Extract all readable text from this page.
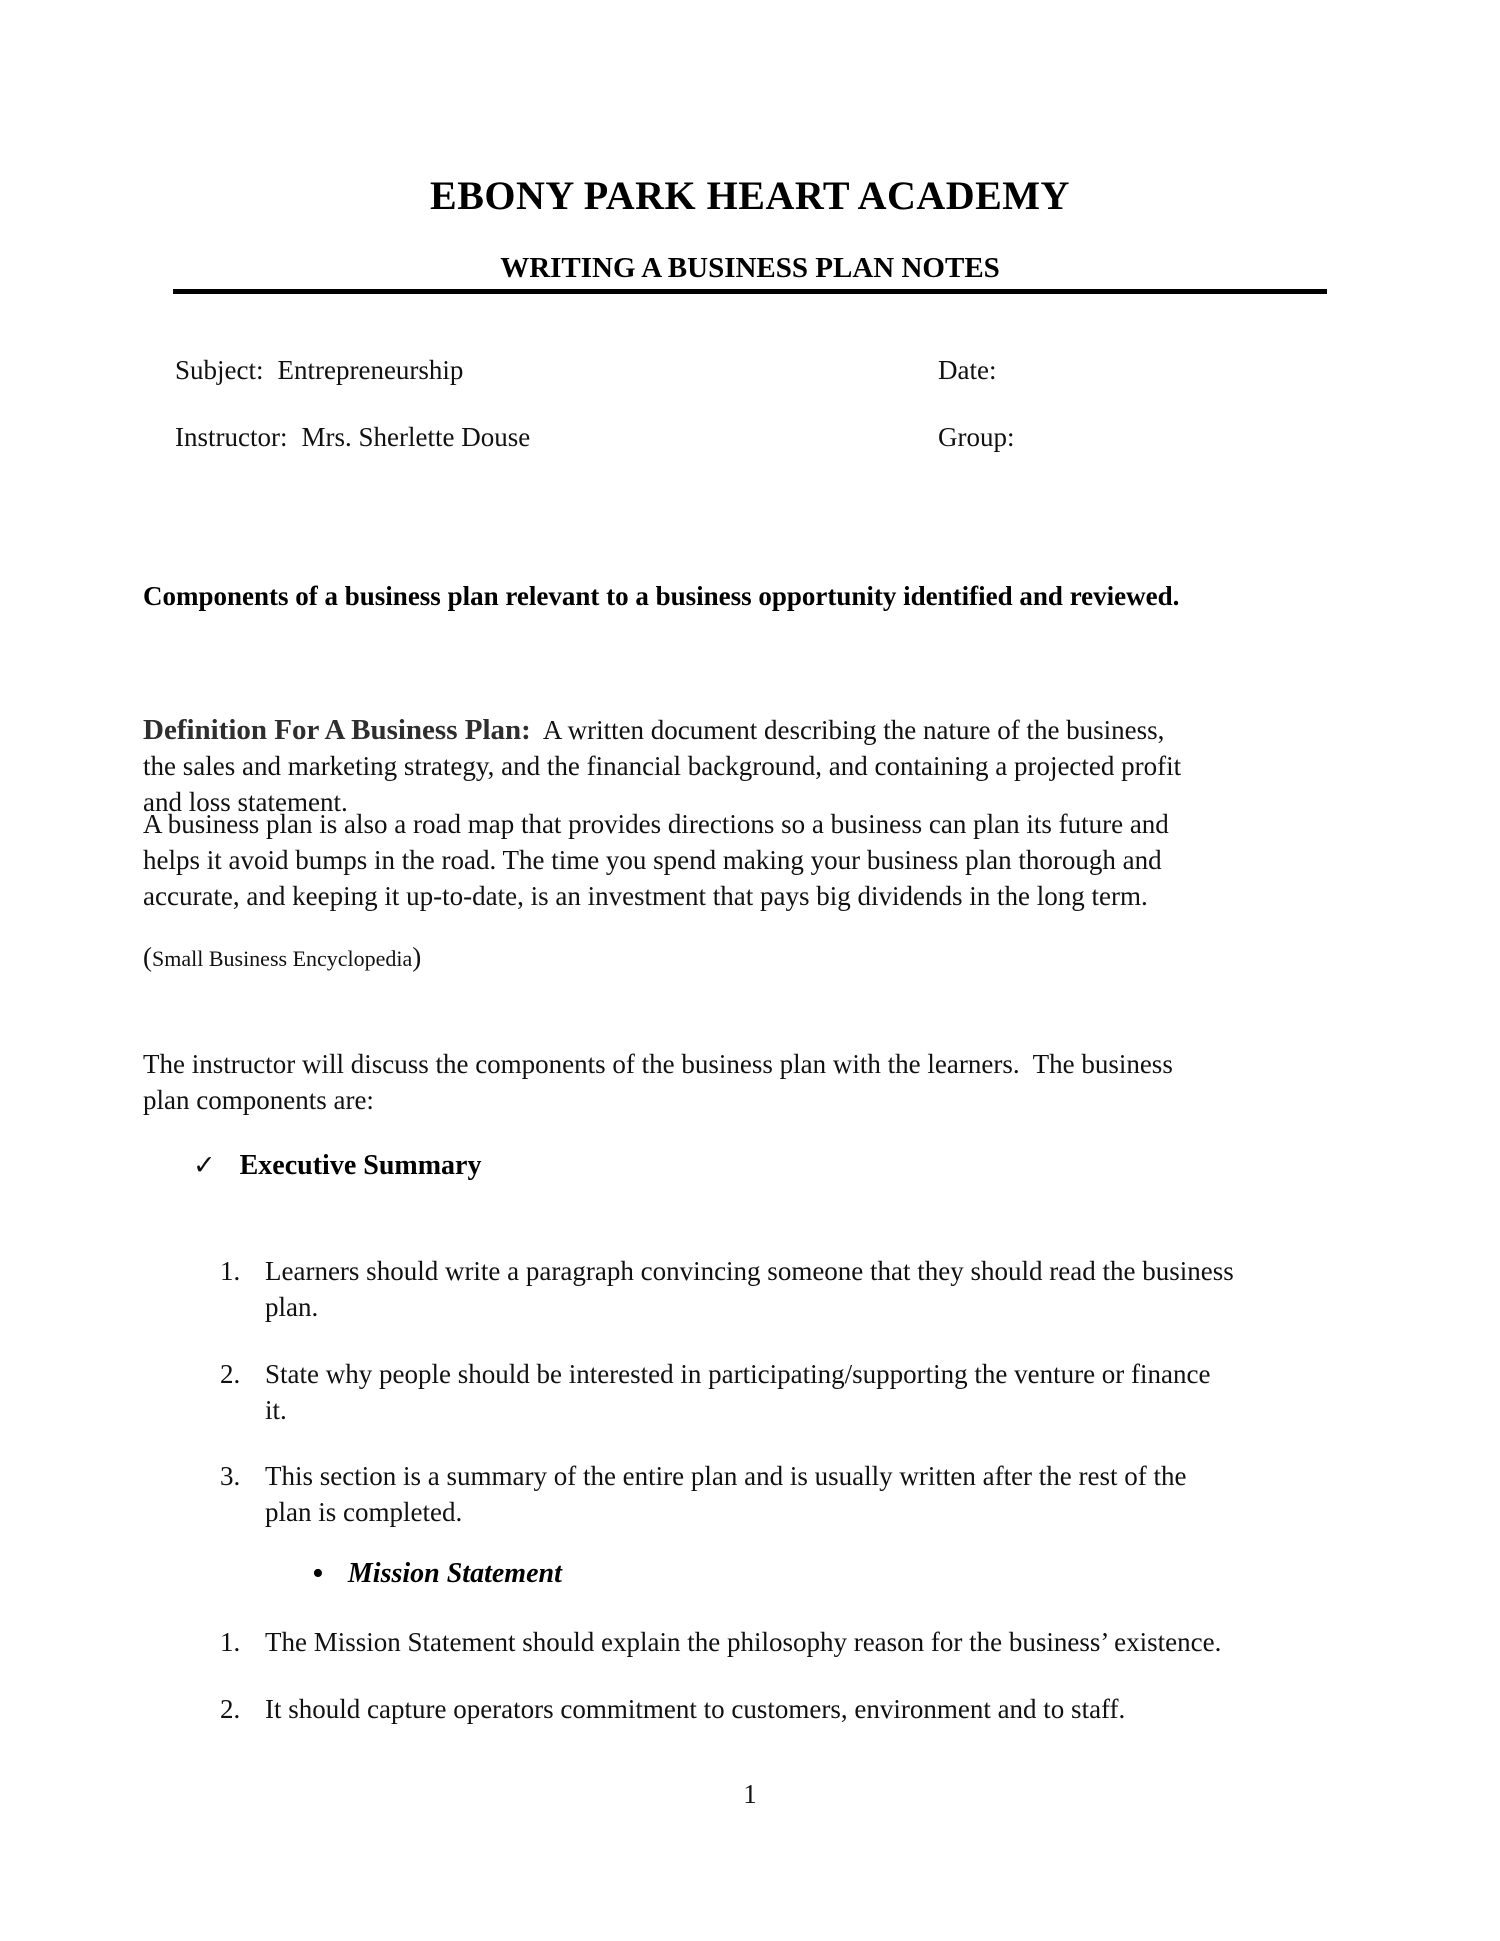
EBONY PARK HEART ACADEMY
WRITING A BUSINESS PLAN NOTES
Subject: Entrepreneurship	Date:
Instructor: Mrs. Sherlette Douse	Group:
Components of a business plan relevant to a business opportunity identified and reviewed.

Definition For A Business Plan:  A written document describing the nature of the business,
the sales and marketing strategy, and the financial background, and containing a projected profit
and loss statement.

A business plan is also a road map that provides directions so a business can plan its future and
helps it avoid bumps in the road. The time you spend making your business plan thorough and
accurate, and keeping it up-to-date, is an investment that pays big dividends in the long term.
(Small Business Encyclopedia)
The instructor will discuss the components of the business plan with the learners.  The business
plan components are:
✓ Executive Summary
1. Learners should write a paragraph convincing someone that they should read the business
plan.
2. State why people should be interested in participating/supporting the venture or finance
it.
3. This section is a summary of the entire plan and is usually written after the rest of the
plan is completed.
• Mission Statement
1. The Mission Statement should explain the philosophy reason for the business’ existence.
2. It should capture operators commitment to customers, environment and to staff.
1
